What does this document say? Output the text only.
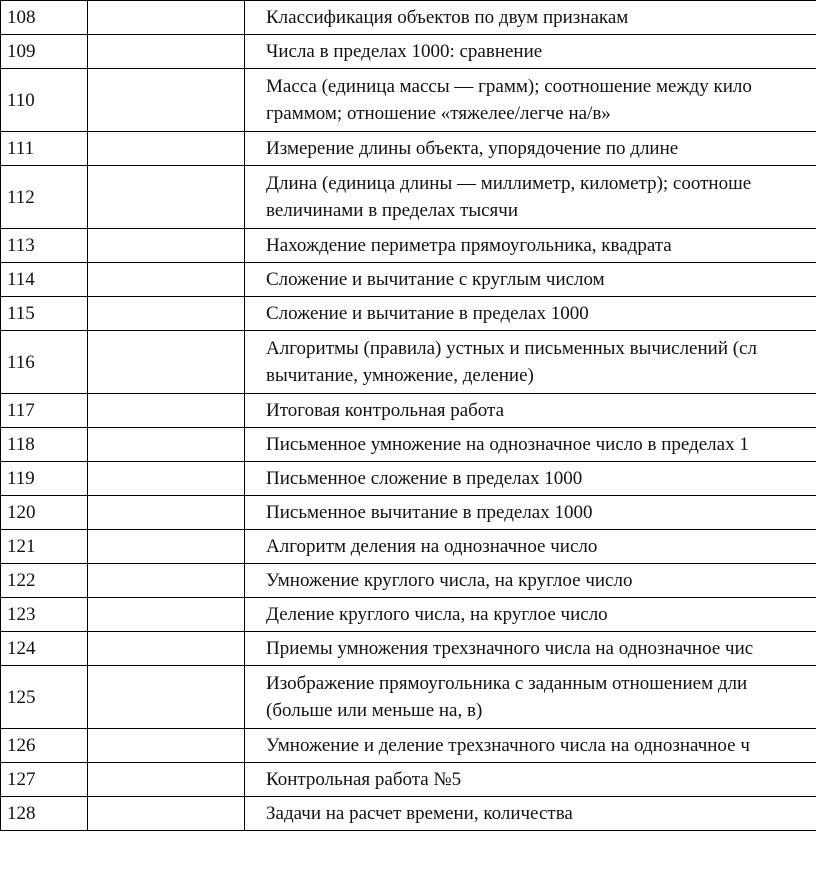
108		Классификация объектов по двум признакам
109		Числа в пределах 1000: сравнение
110		Масса (единица массы — грамм); соотношение между кило
граммом; отношение «тяжелее/легче на/в»

111		Измерение длины объекта, упорядочение по длине
112		Длина (единица длины — миллиметр, километр); соотноше
величинами в пределах тысячи

113		Нахождение периметра прямоугольника, квадрата
114		Сложение и вычитание с круглым числом
115		Сложение и вычитание в пределах 1000
116		Алгоритмы (правила) устных и письменных вычислений (сл
вычитание, умножение, деление)

117		Итоговая контрольная работа
118		Письменное умножение на однозначное число в пределах 1
119		Письменное сложение в пределах 1000
120		Письменное вычитание в пределах 1000
121		Алгоритм деления на однозначное число
122		Умножение круглого числа, на круглое число
123		Деление круглого числа, на круглое число
124		Приемы умножения трехзначного числа на однозначное чис
125		Изображение прямоугольника с заданным отношением дли
(больше или меньше на, в)

126		Умножение и деление трехзначного числа на однозначное ч
127		Контрольная работа №5
128		Задачи на расчет времени, количества
